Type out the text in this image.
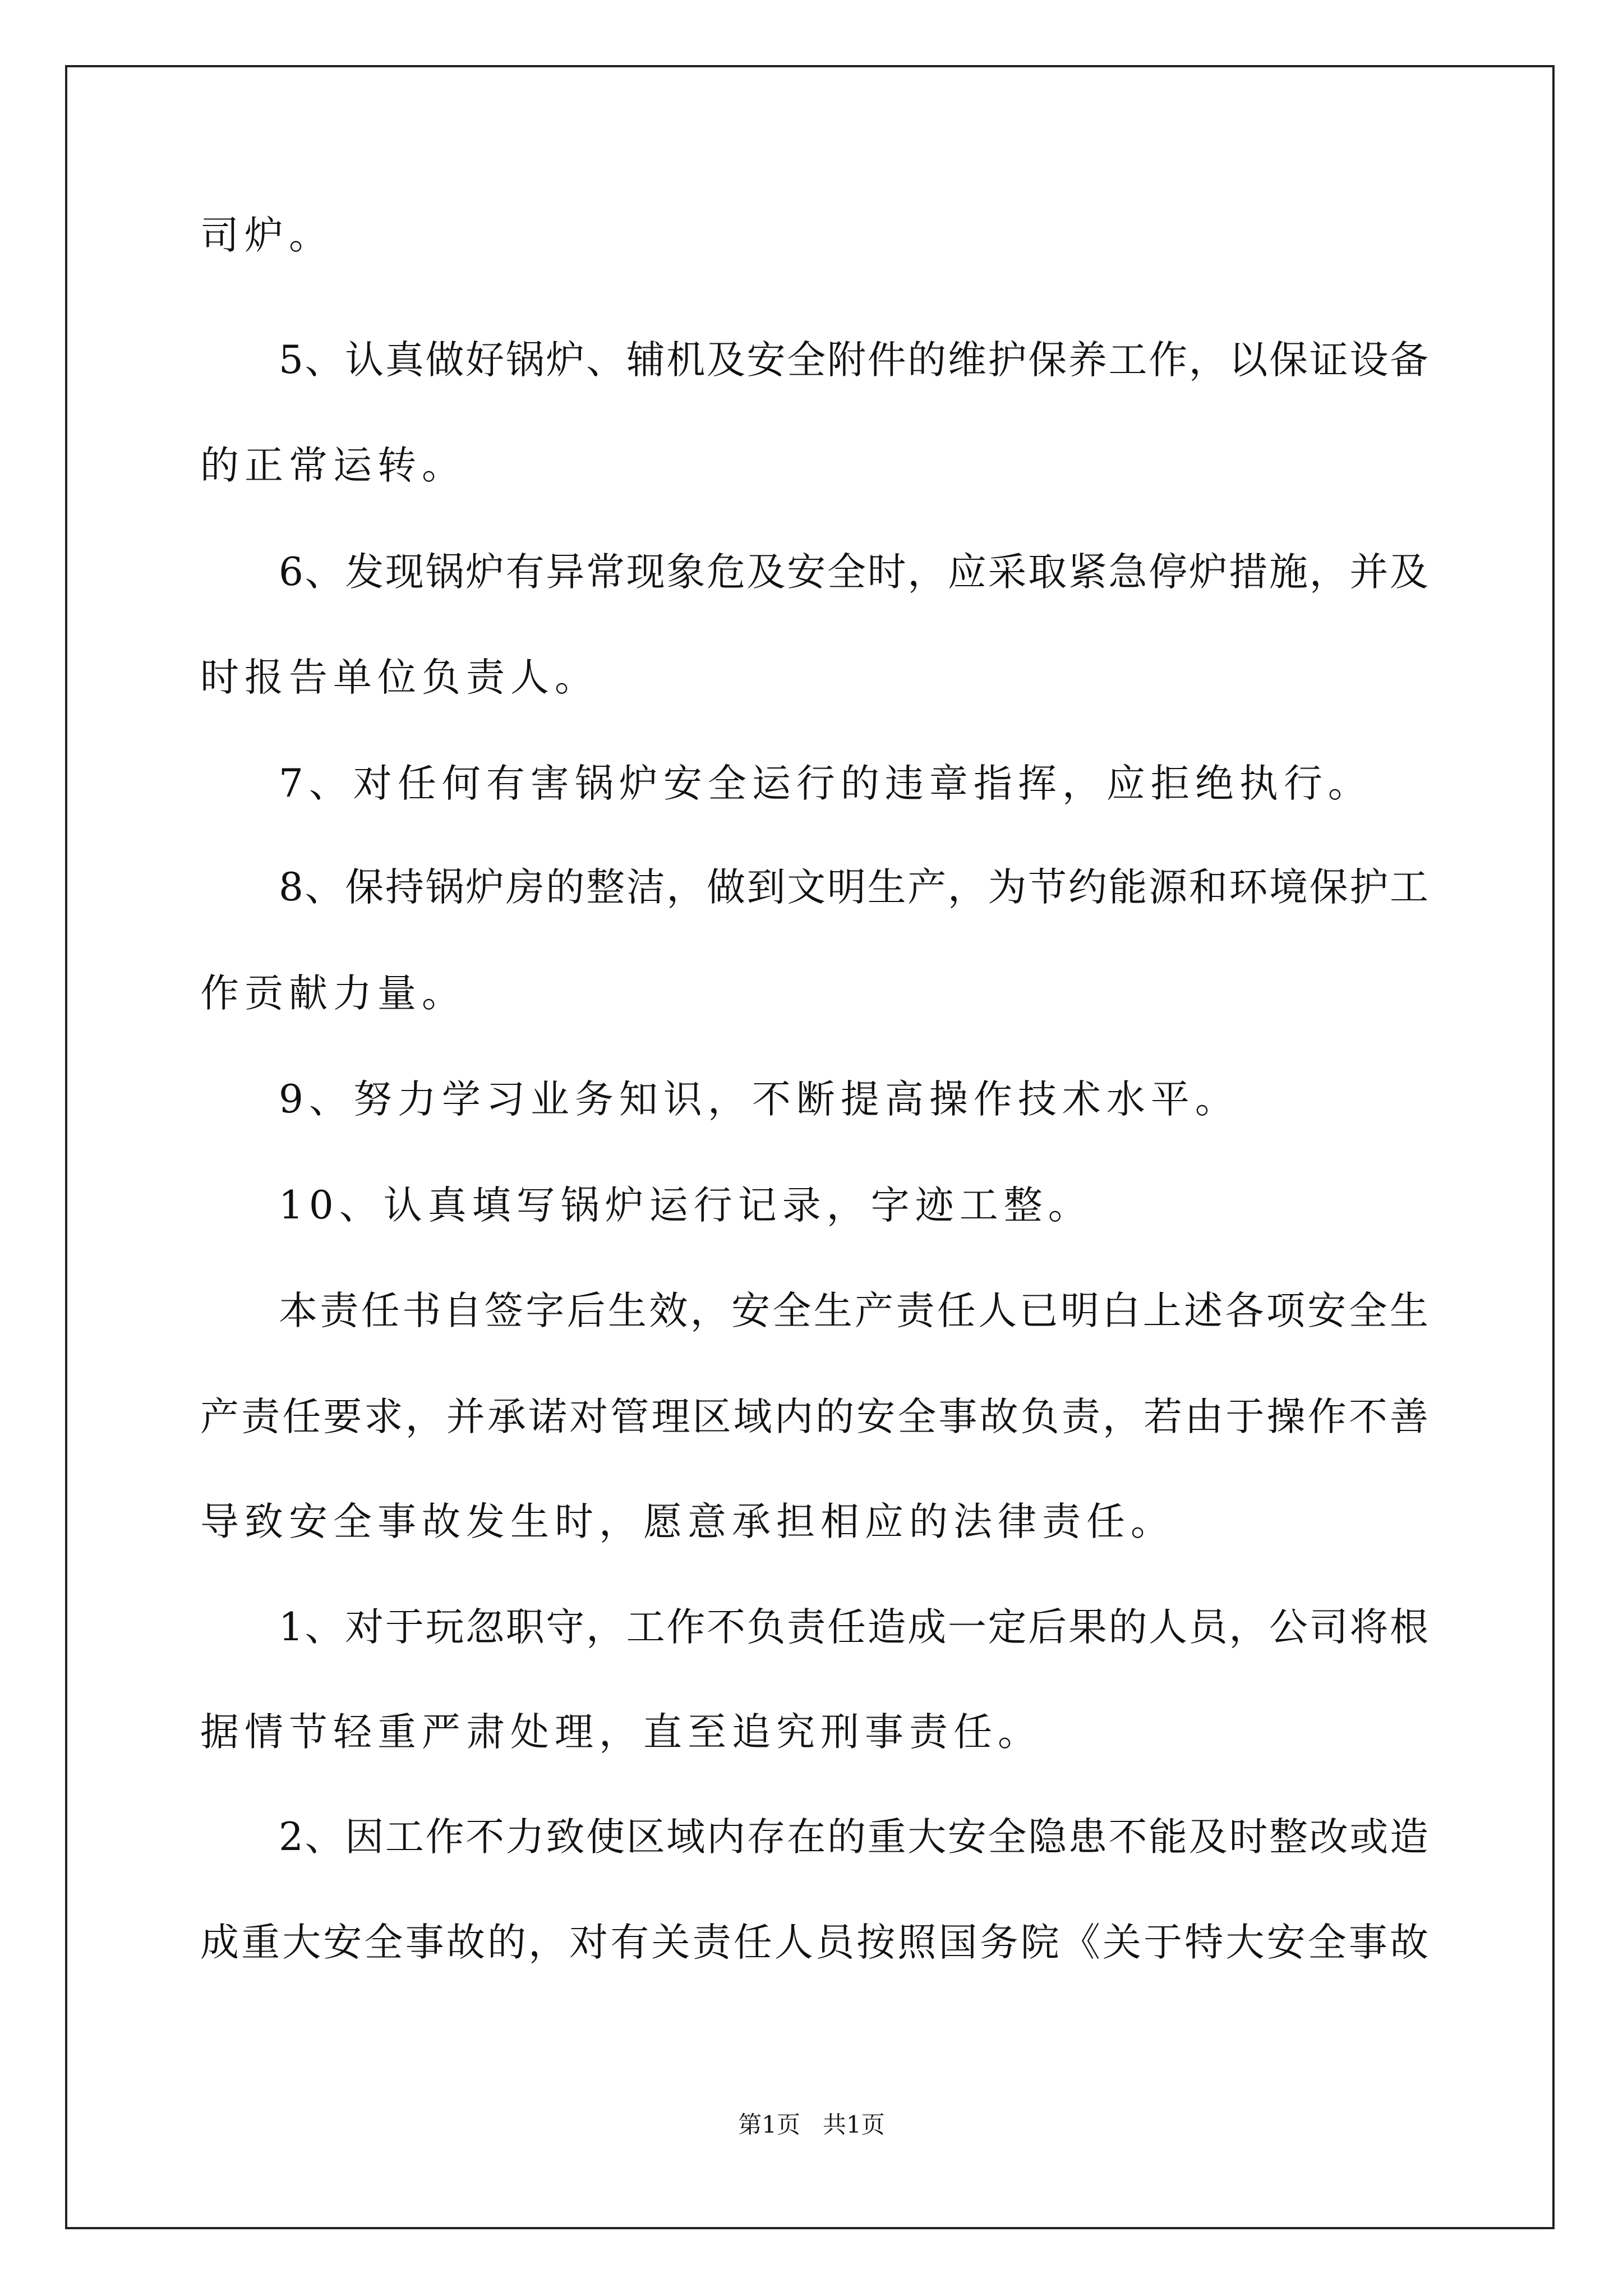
司炉。
5、认真做好锅炉、辅机及安全附件的维护保养工作，以保证设备
的正常运转。
6、发现锅炉有异常现象危及安全时，应采取紧急停炉措施，并及
时报告单位负责人。
7、对任何有害锅炉安全运行的违章指挥，应拒绝执行。
8、保持锅炉房的整洁，做到文明生产，为节约能源和环境保护工
作贡献力量。
9、努力学习业务知识，不断提高操作技术水平。
10、认真填写锅炉运行记录，字迹工整。
本责任书自签字后生效，安全生产责任人已明白上述各项安全生
产责任要求，并承诺对管理区域内的安全事故负责，若由于操作不善
导致安全事故发生时，愿意承担相应的法律责任。
1、对于玩忽职守，工作不负责任造成一定后果的人员，公司将根
据情节轻重严肃处理，直至追究刑事责任。
2、因工作不力致使区域内存在的重大安全隐患不能及时整改或造
成重大安全事故的，对有关责任人员按照国务院《关于特大安全事故
第1页 共1页
